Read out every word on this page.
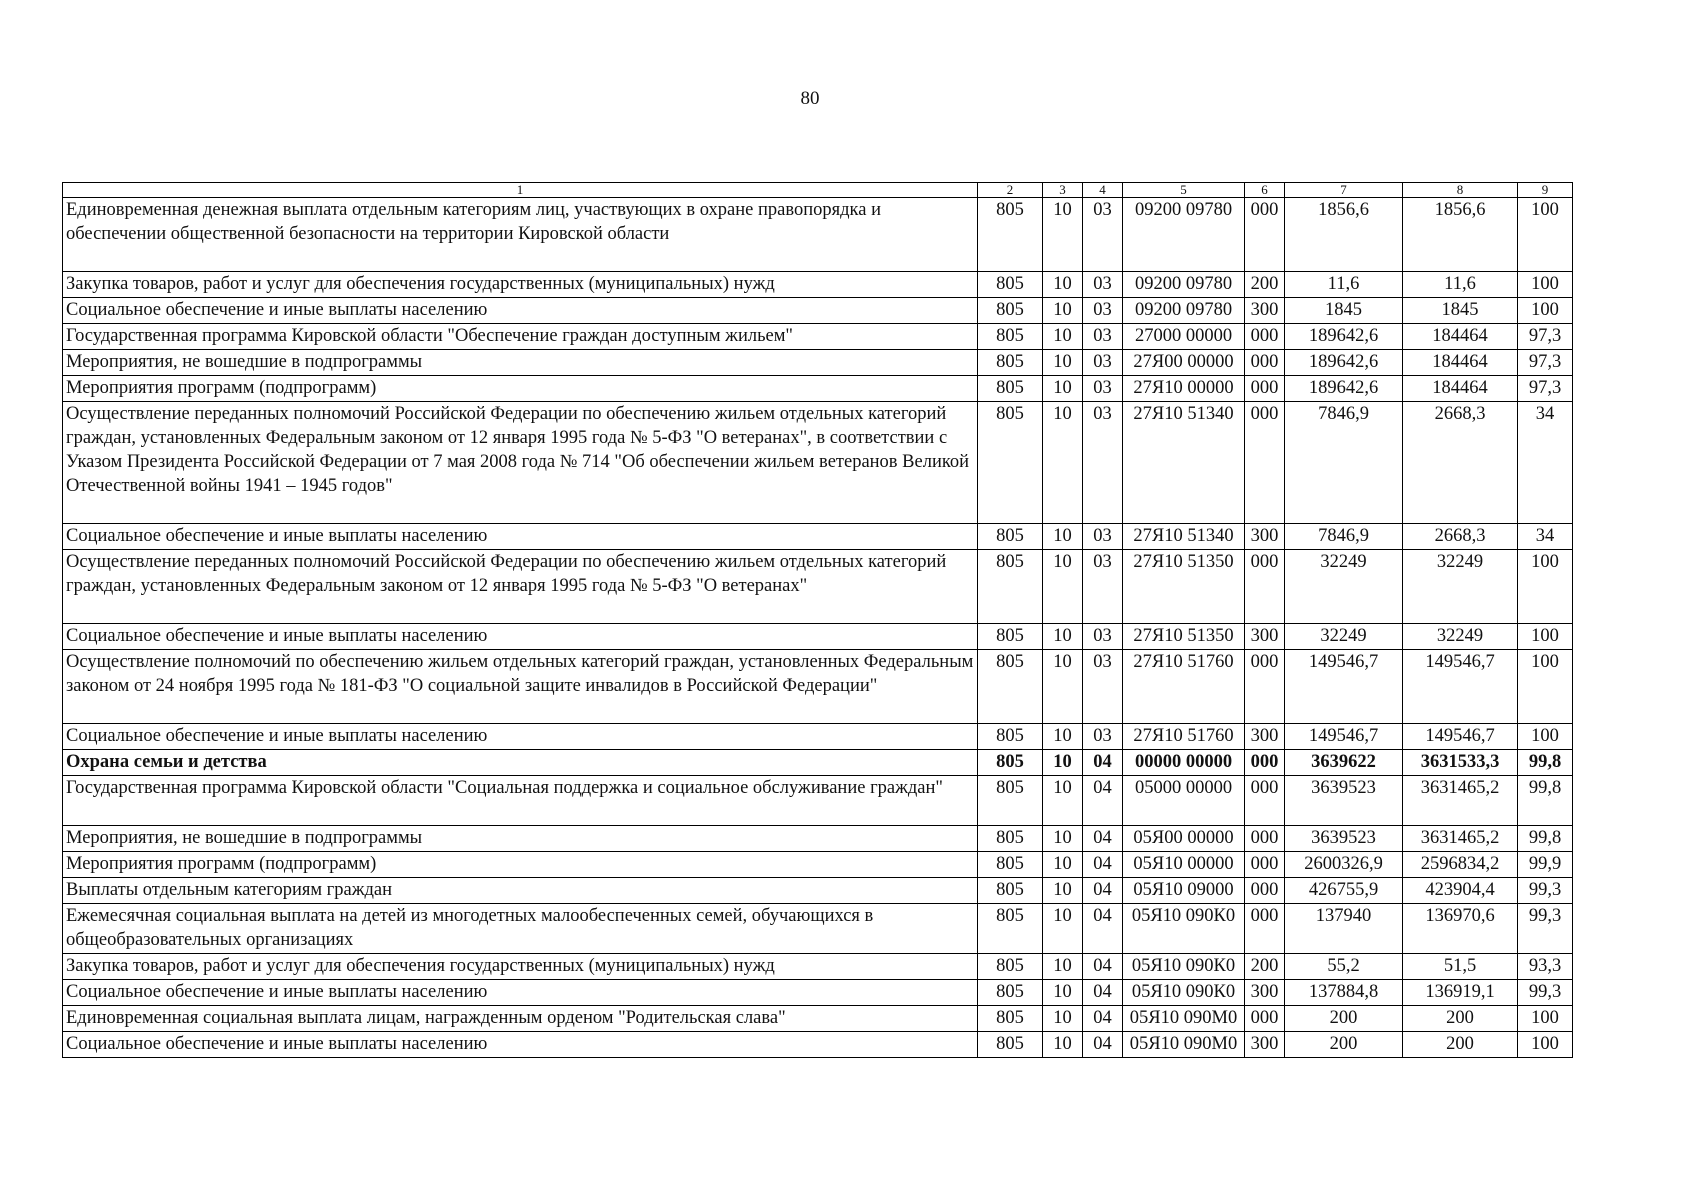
80
1	2	3	4	5	6	7	8	9
Единовременная денежная выплата отдельным категориям лиц, участвующих в охране правопорядка и обеспечении общественной безопасности на территории Кировской области	805	10	03	09200 09780	000	1856,6	1856,6	100
Закупка товаров, работ и услуг для обеспечения государственных (муниципальных) нужд	805	10	03	09200 09780	200	11,6	11,6	100
Социальное обеспечение и иные выплаты населению	805	10	03	09200 09780	300	1845	1845	100
Государственная программа Кировской области "Обеспечение граждан доступным жильем"	805	10	03	27000 00000	000	189642,6	184464	97,3
Мероприятия, не вошедшие в подпрограммы	805	10	03	27Я00 00000	000	189642,6	184464	97,3
Мероприятия программ (подпрограмм)	805	10	03	27Я10 00000	000	189642,6	184464	97,3
Осуществление переданных полномочий Российской Федерации по обеспечению жильем отдельных категорий граждан, установленных Федеральным законом от 12 января 1995 года № 5-ФЗ "О ветеранах", в соответствии с Указом Президента Российской Федерации от 7 мая 2008 года № 714 "Об обеспечении жильем ветеранов Великой Отечественной войны 1941 – 1945 годов"	805	10	03	27Я10 51340	000	7846,9	2668,3	34
Социальное обеспечение и иные выплаты населению	805	10	03	27Я10 51340	300	7846,9	2668,3	34
Осуществление переданных полномочий Российской Федерации по обеспечению жильем отдельных категорий граждан, установленных Федеральным законом от 12 января 1995 года № 5-ФЗ "О ветеранах"	805	10	03	27Я10 51350	000	32249	32249	100
Социальное обеспечение и иные выплаты населению	805	10	03	27Я10 51350	300	32249	32249	100
Осуществление полномочий по обеспечению жильем отдельных категорий граждан, установленных Федеральным законом от 24 ноября 1995 года № 181-ФЗ "О социальной защите инвалидов в Российской Федерации"	805	10	03	27Я10 51760	000	149546,7	149546,7	100
Социальное обеспечение и иные выплаты населению	805	10	03	27Я10 51760	300	149546,7	149546,7	100
Охрана семьи и детства	805	10	04	00000 00000	000	3639622	3631533,3	99,8
Государственная программа Кировской области "Социальная поддержка и социальное обслуживание граждан"	805	10	04	05000 00000	000	3639523	3631465,2	99,8
Мероприятия, не вошедшие в подпрограммы	805	10	04	05Я00 00000	000	3639523	3631465,2	99,8
Мероприятия программ (подпрограмм)	805	10	04	05Я10 00000	000	2600326,9	2596834,2	99,9
Выплаты отдельным категориям граждан	805	10	04	05Я10 09000	000	426755,9	423904,4	99,3
Ежемесячная социальная выплата на детей из многодетных малообеспеченных семей, обучающихся в общеобразовательных организациях	805	10	04	05Я10 090К0	000	137940	136970,6	99,3
Закупка товаров, работ и услуг для обеспечения государственных (муниципальных) нужд	805	10	04	05Я10 090К0	200	55,2	51,5	93,3
Социальное обеспечение и иные выплаты населению	805	10	04	05Я10 090К0	300	137884,8	136919,1	99,3
Единовременная социальная выплата лицам, награжденным орденом "Родительская слава"	805	10	04	05Я10 090М0	000	200	200	100
Социальное обеспечение и иные выплаты населению	805	10	04	05Я10 090М0	300	200	200	100
